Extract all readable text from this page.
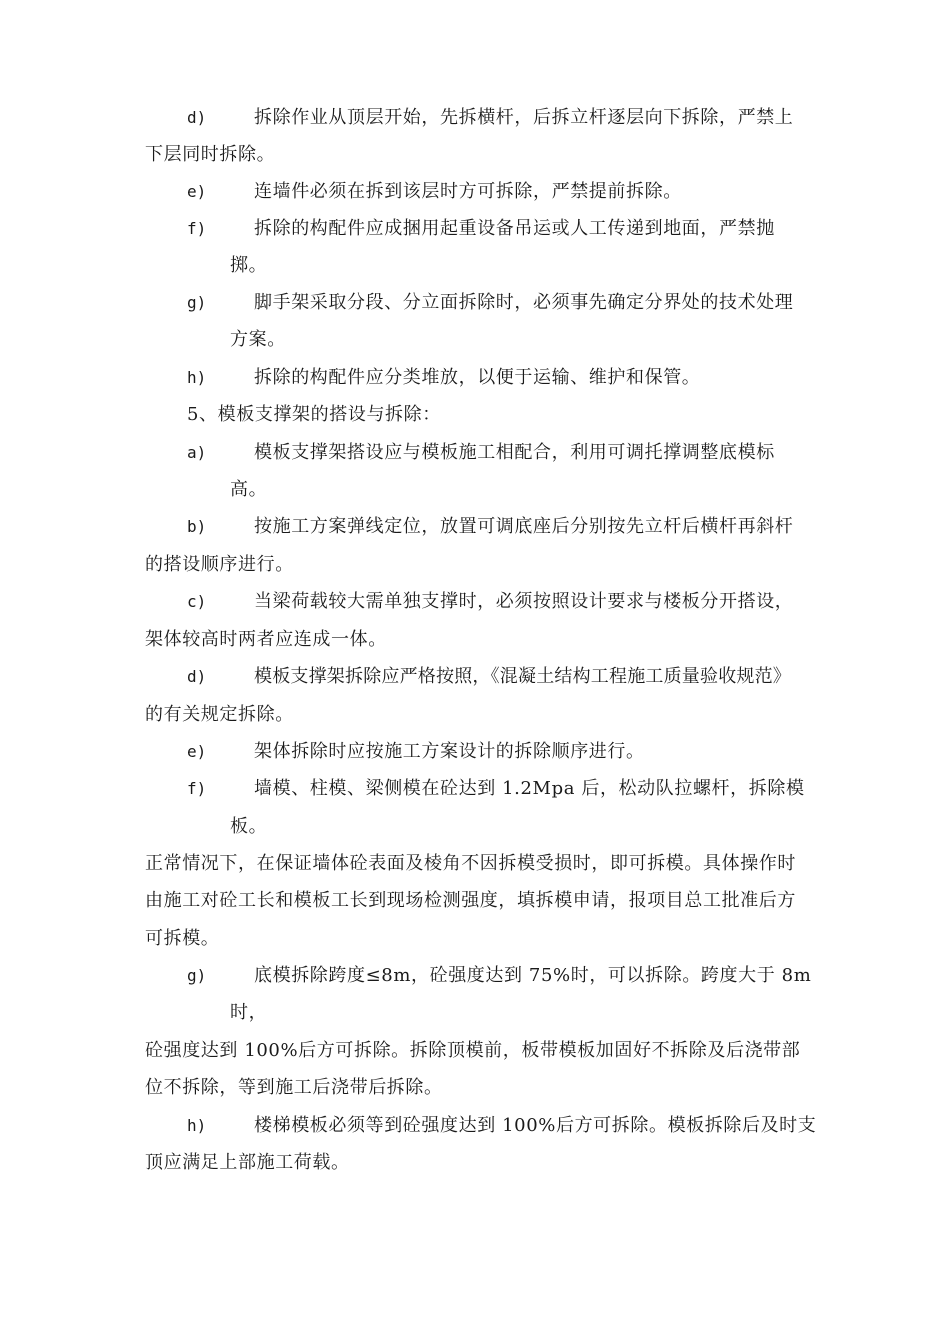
d)	拆除作业从顶层开始，先拆横杆，后拆立杆逐层向下拆除，严禁上
下层同时拆除。
e)	连墙件必须在拆到该层时方可拆除，严禁提前拆除。
f)	拆除的构配件应成捆用起重设备吊运或人工传递到地面，严禁抛
掷。
g)	脚手架采取分段、分立面拆除时，必须事先确定分界处的技术处理
方案。
h)	拆除的构配件应分类堆放，以便于运输、维护和保管。
5、模板支撑架的搭设与拆除：
a)	模板支撑架搭设应与模板施工相配合，利用可调托撑调整底模标
高。
b)	按施工方案弹线定位，放置可调底座后分别按先立杆后横杆再斜杆
的搭设顺序进行。
c)	当梁荷载较大需单独支撑时，必须按照设计要求与楼板分开搭设，
架体较高时两者应连成一体。
d)	模板支撑架拆除应严格按照，《混凝土结构工程施工质量验收规范》
的有关规定拆除。
e)	架体拆除时应按施工方案设计的拆除顺序进行。
f)	墙模、柱模、梁侧模在砼达到 1.2Mpa 后，松动队拉螺杆，拆除模
板。
正常情况下，在保证墙体砼表面及棱角不因拆模受损时，即可拆模。具体操作时
由施工对砼工长和模板工长到现场检测强度，填拆模申请，报项目总工批准后方
可拆模。
g)	底模拆除跨度≤8m，砼强度达到 75%时，可以拆除。跨度大于 8m
时，
砼强度达到 100%后方可拆除。拆除顶模前，板带模板加固好不拆除及后浇带部
位不拆除，等到施工后浇带后拆除。
h)	楼梯模板必须等到砼强度达到 100%后方可拆除。模板拆除后及时支
顶应满足上部施工荷载。
